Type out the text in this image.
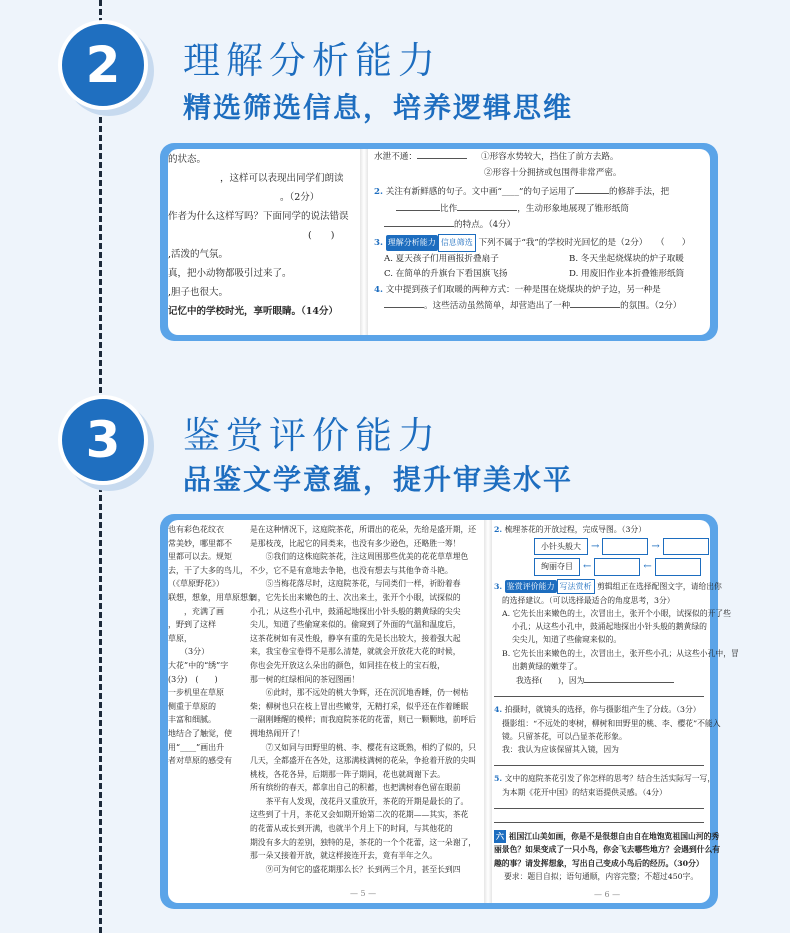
2	理解分析能力
精选筛选信息，培养逻辑思维

的状态。

，这样可以表现出同学们朗读

。（2分）

作者为什么这样写吗？下面同学的说法错误

(　　)

,活泼的气氛。

真，把小动物都吸引过来了。

,胆子也很大。

记忆中的学校时光，享听眼睛。（14分）

水泄不通：	①形容水势较大，挡住了前方去路。

②形容十分拥挤或包围得非常严密。

2. 关注有新鲜感的句子。文中画“____”的句子运用了	的修辞手法，把

比作	，生动形象地展现了锥形纸筒

的特点。（4分）

3. 理解分析能力 信息筛选 下列不属于“我”的学校时光回忆的是（2分）　　（　　）

A. 夏天孩子们用画报折叠扇子	B. 冬天坐起烧煤块的炉子取暖

C. 在简单的升旗台下看国旗飞扬	D. 用废旧作业本折叠锥形纸筒

4. 文中提到孩子们取暖的两种方式：一种是围在烧煤块的炉子边，另一种是

。这些活动虽然简单，却营造出了一种	的氛围。（2分）

3	鉴赏评价能力
品鉴文学意蕴，提升审美水平

也有彩色花纹衣

常美妙，哪里都不

里都可以去。规矩

去，干了大多的鸟儿，

（《草原野花》）

联想，想象，用草原想象

　　，充满了画

，野到了这样

草原，

　　（3分）

大花”中的“绣”字

(3分)　(　　)

一步机里在草原

侧重于草原的

丰富和细腻。

地结合了触觉，使

用“____”画出升

者对草原的感受有

是在这种情况下，这庭院茶花，所谓出的花朵，先给是盛开期，还

是那枝茂，比起它的同类来，也没有多少逊色，还略胜一筹！

　　⑤我们的这株庭院茶花，注这周围那些优美的花花草草埋色

不少，它不是有意地去争艳，也没有想去与其他争奇斗艳。

　　⑤当梅花落尽时，这庭院茶花，与同类们一样，祈盼着春

日，它先长出来嫩色的土、次出来土，张开个小眼，试探似的

小孔；从这些小孔中，鼓涌起地探出小针头般的鹅黄绿的尖尖

尖儿，知道了些偷窥来似的。偷窥到了外面的气温和温度后，

这茶花树如有灵性般，静享有重的先是长出较大，接着强大起

来，我宝卷宝卷得不是那么清楚，就就会开放花大花的时候，

你也会先开放这么朵出的颜色，如同挂在枝上的宝石般，

那一树的红绿相间的茶冠图画！

　　⑥此时，那不远处的桃大争辉，还在沉沉地香睡，仍一树枯

柴；柳树也只在枝上冒出些嫩芽，无精打采，似乎还在作着睡眠

一副刚睡醒的模样；而我庭院茶花的花蕾，则已一颗颗地，前呼后

拥地热闹开了！

　　⑦又如同与田野里的桃、李、樱花有这既熟，相约了似的，只

几天，全都盛开在各处，这那满枝满树的花朵，争抢着开放的尖叫

桃枝，各花各异，后期那一阵子期间，花也就凋谢下去。

所有缤纷的春天，都拿出自己的积蓄，也把满树春色留在眼前

　　茶平有人发现，茂花丹又重放开，茶花的开期是最长的了。

这些到了十月，茶花又会如期开始第二次的花期——其实，茶花

的花蕾从或长到开满，也就半个月上下的时间，与其他花的

期没有多大的差别，独特的是，茶花的一个个花蕾，这一朵谢了，

那一朵又接着开放，就这样接连开去，竟有半年之久。

　　⑨可为何它的盛花期那么长？长到两三个月，甚至长到四

— 5 —

2. 梳理茶花的开放过程，完成导图。（3分）

小针头般大 →　　　　	→　　　　

绚丽夺目 ←　　　　	←　　　　

3. 鉴赏评价能力 写法赏析 剪辑组正在选择配图文字，请给出你

的选择建议。（可以选择最适合的角度思考，3分）

A. 它先长出来嫩色的土，次冒出土，张开个小眼，试探似的开了些

小孔；从这些小孔中，鼓涌起地探出小针头般的鹅黄绿的

尖尖儿，知道了些偷窥来似的。

B. 它先长出来嫩色的土，次冒出土，张开些小孔；从这些小孔中，冒

出鹅黄绿的嫩芽了。

我选择(　　)，因为

4. 拍摄时，就镜头的选择，你与摄影组产生了分歧。（3分）

摄影组：“不远处的枣树，柳树和田野里的桃、李、樱花”不能入

镜。只留茶花，可以凸显茶花形象。

我：我认为应该保留其入镜，因为

5. 文中的庭院茶花引发了你怎样的思考？结合生活实际写一写，

为本期《花开中国》的结束语提供灵感。（4分）

六 祖国江山美如画，你是不是很想自由自在地饱览祖国山河的秀

丽景色？如果变成了一只小鸟，你会飞去哪些地方？会遇到什么有

趣的事？请发挥想象，写出自己变成小鸟后的经历。（30分）

要求：题目自拟；语句通顺，内容完整；不超过450字。

— 6 —
